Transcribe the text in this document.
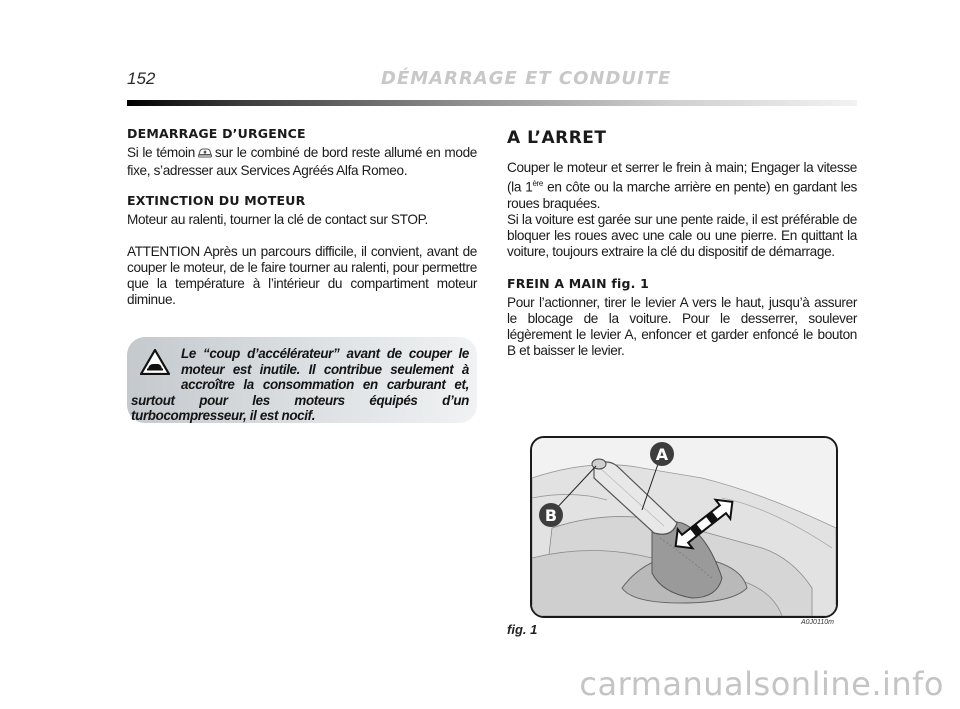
152	DÉMARRAGE ET CONDUITE
DEMARRAGE D’URGENCE

Si le témoin sur le combiné de bord reste allumé en mode fixe, s’adresser aux Services Agréés Alfa Romeo.

EXTINCTION DU MOTEUR

Moteur au ralenti, tourner la clé de contact sur STOP.

ATTENTION Après un parcours difficile, il convient, avant de couper le moteur, de le faire tourner au ralenti, pour permettre que la température à l’intérieur du compartiment moteur diminue.

Le “coup d’accélérateur” avant de couper le moteur est inutile. Il contribue seulement à accroître la consommation en carburant et, surtout pour les moteurs équipés d’un turbocompresseur, il est nocif.
A L’ARRET

Couper le moteur et serrer le frein à main; Engager la vitesse (la 1ère en côte ou la marche arrière en pente) en gardant les roues braquées.

Si la voiture est garée sur une pente raide, il est préférable de bloquer les roues avec une cale ou une pierre. En quittant la voiture, toujours extraire la clé du dispositif de démarrage.

FREIN A MAIN fig. 1

Pour l’actionner, tirer le levier A vers le haut, jusqu’à assurer le blocage de la voiture. Pour le desserrer, soulever légèrement le levier A, enfoncer et garder enfoncé le bouton B et baisser le levier.

A
B
fig. 1	A0J0110m
carmanualsonline.info
